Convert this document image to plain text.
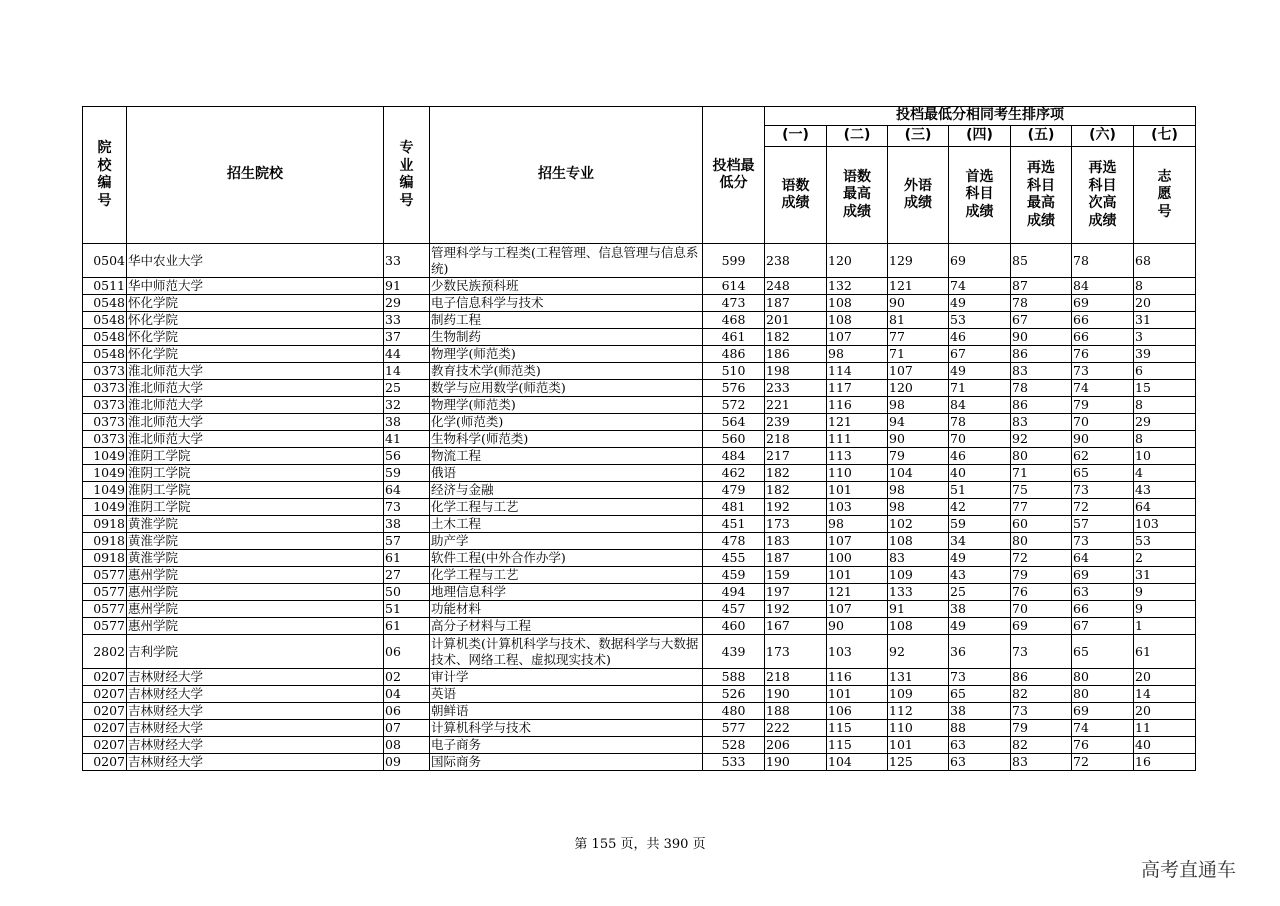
院校编号	招生院校	专业编号	招生专业	投档最低分	投档最低分相同考生排序项						
					(一)	(二)	(三)	(四)	(五)	(六)	(七)
					语数成绩	语数最高成绩	外语成绩	首选科目成绩	再选科目最高成绩	再选科目次高成绩	志愿号
0504	华中农业大学	33	管理科学与工程类(工程管理、信息管理与信息系统)	599	238	120	129	69	85	78	68
0511	华中师范大学	91	少数民族预科班	614	248	132	121	74	87	84	8
0548	怀化学院	29	电子信息科学与技术	473	187	108	90	49	78	69	20
0548	怀化学院	33	制药工程	468	201	108	81	53	67	66	31
0548	怀化学院	37	生物制药	461	182	107	77	46	90	66	3
0548	怀化学院	44	物理学(师范类)	486	186	98	71	67	86	76	39
0373	淮北师范大学	14	教育技术学(师范类)	510	198	114	107	49	83	73	6
0373	淮北师范大学	25	数学与应用数学(师范类)	576	233	117	120	71	78	74	15
0373	淮北师范大学	32	物理学(师范类)	572	221	116	98	84	86	79	8
0373	淮北师范大学	38	化学(师范类)	564	239	121	94	78	83	70	29
0373	淮北师范大学	41	生物科学(师范类)	560	218	111	90	70	92	90	8
1049	淮阴工学院	56	物流工程	484	217	113	79	46	80	62	10
1049	淮阴工学院	59	俄语	462	182	110	104	40	71	65	4
1049	淮阴工学院	64	经济与金融	479	182	101	98	51	75	73	43
1049	淮阴工学院	73	化学工程与工艺	481	192	103	98	42	77	72	64
0918	黄淮学院	38	土木工程	451	173	98	102	59	60	57	103
0918	黄淮学院	57	助产学	478	183	107	108	34	80	73	53
0918	黄淮学院	61	软件工程(中外合作办学)	455	187	100	83	49	72	64	2
0577	惠州学院	27	化学工程与工艺	459	159	101	109	43	79	69	31
0577	惠州学院	50	地理信息科学	494	197	121	133	25	76	63	9
0577	惠州学院	51	功能材料	457	192	107	91	38	70	66	9
0577	惠州学院	61	高分子材料与工程	460	167	90	108	49	69	67	1
2802	吉利学院	06	计算机类(计算机科学与技术、数据科学与大数据技术、网络工程、虚拟现实技术)	439	173	103	92	36	73	65	61
0207	吉林财经大学	02	审计学	588	218	116	131	73	86	80	20
0207	吉林财经大学	04	英语	526	190	101	109	65	82	80	14
0207	吉林财经大学	06	朝鲜语	480	188	106	112	38	73	69	20
0207	吉林财经大学	07	计算机科学与技术	577	222	115	110	88	79	74	11
0207	吉林财经大学	08	电子商务	528	206	115	101	63	82	76	40
0207	吉林财经大学	09	国际商务	533	190	104	125	63	83	72	16
第 155 页，共 390 页
高考直通车
